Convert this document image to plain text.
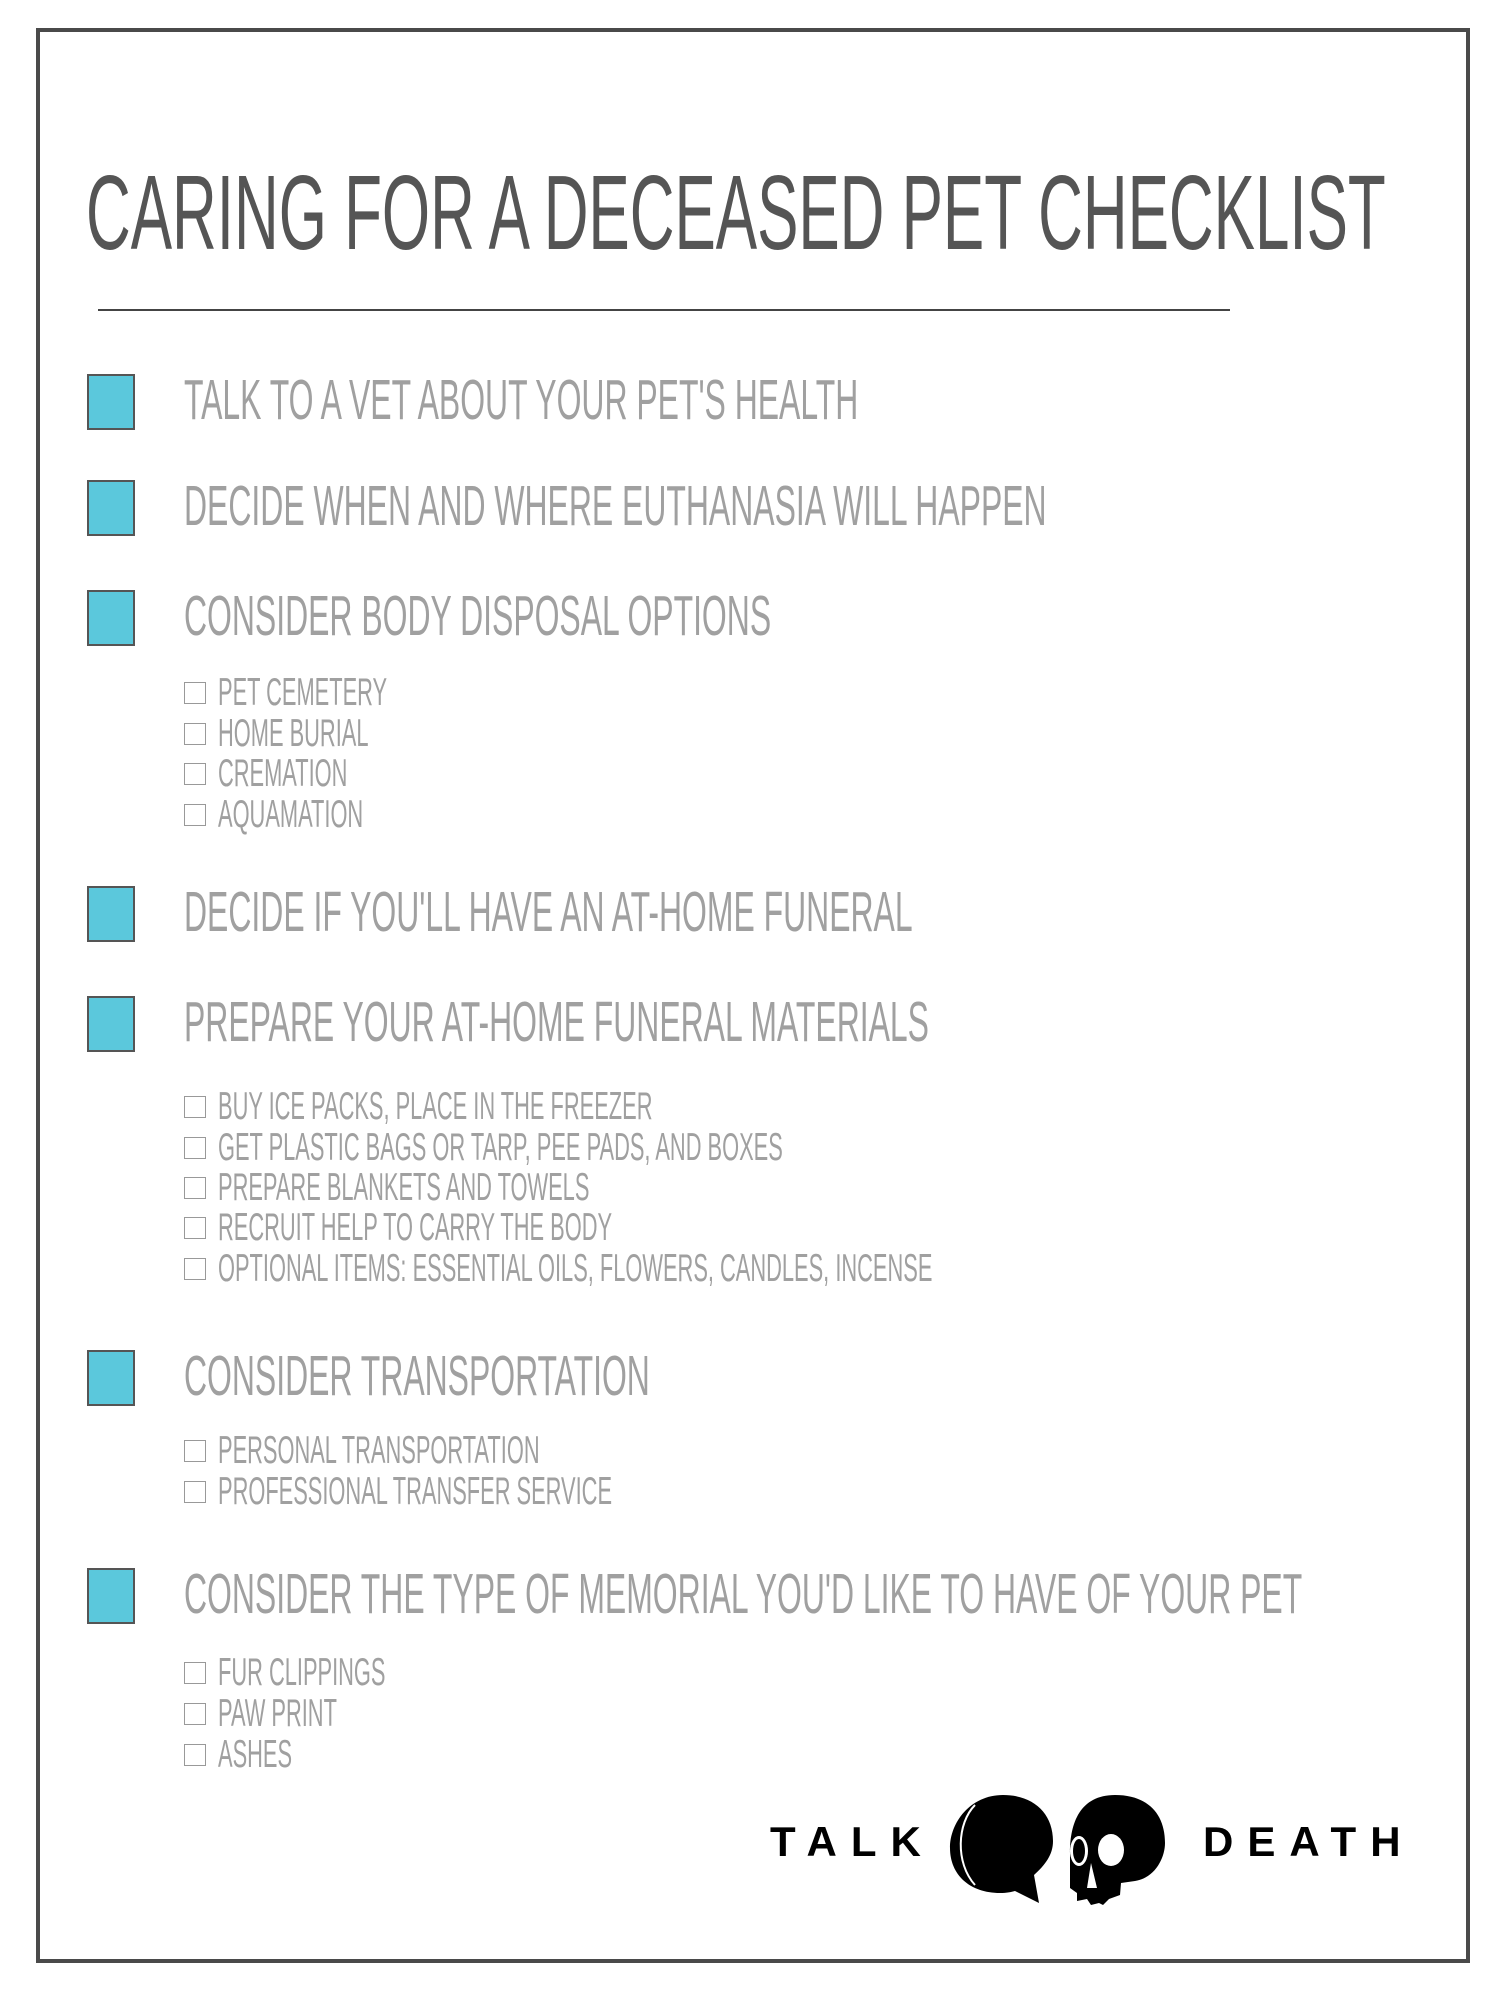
CARING FOR A DECEASED PET CHECKLIST
TALK TO A VET ABOUT YOUR PET'S HEALTH
DECIDE WHEN AND WHERE EUTHANASIA WILL HAPPEN
CONSIDER BODY DISPOSAL OPTIONS
PET CEMETERY
HOME BURIAL
CREMATION
AQUAMATION
DECIDE IF YOU'LL HAVE AN AT-HOME FUNERAL
PREPARE YOUR AT-HOME FUNERAL MATERIALS
BUY ICE PACKS, PLACE IN THE FREEZER
GET PLASTIC BAGS OR TARP, PEE PADS, AND BOXES
PREPARE BLANKETS AND TOWELS
RECRUIT HELP TO CARRY THE BODY
OPTIONAL ITEMS: ESSENTIAL OILS, FLOWERS, CANDLES, INCENSE
CONSIDER TRANSPORTATION
PERSONAL TRANSPORTATION
PROFESSIONAL TRANSFER SERVICE
CONSIDER THE TYPE OF MEMORIAL YOU'D LIKE TO HAVE OF YOUR PET
FUR CLIPPINGS
PAW PRINT
ASHES
TALK	DEATH
